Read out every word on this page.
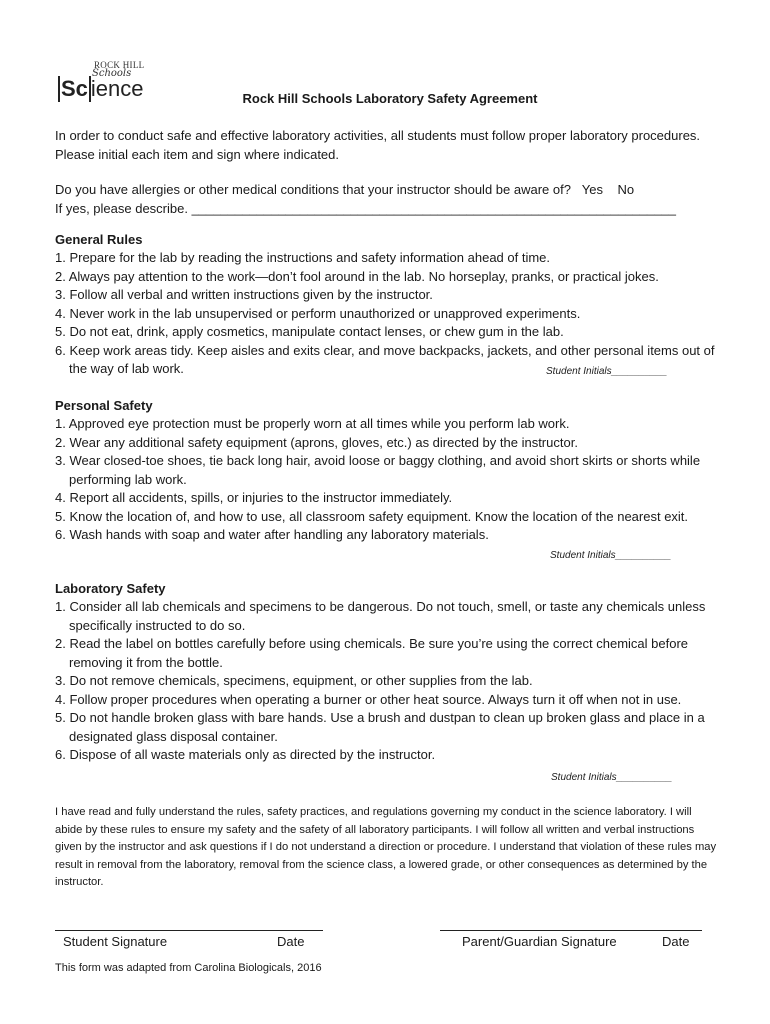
ROCK HILL
Schools
Sc ience	Rock Hill Schools Laboratory Safety Agreement
In order to conduct safe and effective laboratory activities, all students must follow proper laboratory procedures. Please initial each item and sign where indicated.
Do you have allergies or other medical conditions that your instructor should be aware of?   Yes    No
If yes, please describe. ___________________________________________________________________
General Rules
1. Prepare for the lab by reading the instructions and safety information ahead of time.
2. Always pay attention to the work—don’t fool around in the lab. No horseplay, pranks, or practical jokes.
3. Follow all verbal and written instructions given by the instructor.
4. Never work in the lab unsupervised or perform unauthorized or unapproved experiments.
5. Do not eat, drink, apply cosmetics, manipulate contact lenses, or chew gum in the lab.
6. Keep work areas tidy. Keep aisles and exits clear, and move backpacks, jackets, and other personal items out of the way of lab work.	Student Initials__________
Personal Safety
1. Approved eye protection must be properly worn at all times while you perform lab work.
2. Wear any additional safety equipment (aprons, gloves, etc.) as directed by the instructor.
3. Wear closed-toe shoes, tie back long hair, avoid loose or baggy clothing, and avoid short skirts or shorts while performing lab work.
4. Report all accidents, spills, or injuries to the instructor immediately.
5. Know the location of, and how to use, all classroom safety equipment. Know the location of the nearest exit.
6. Wash hands with soap and water after handling any laboratory materials.
Student Initials__________
Laboratory Safety
1. Consider all lab chemicals and specimens to be dangerous. Do not touch, smell, or taste any chemicals unless specifically instructed to do so.
2. Read the label on bottles carefully before using chemicals. Be sure you’re using the correct chemical before removing it from the bottle.
3. Do not remove chemicals, specimens, equipment, or other supplies from the lab.
4. Follow proper procedures when operating a burner or other heat source. Always turn it off when not in use.
5. Do not handle broken glass with bare hands. Use a brush and dustpan to clean up broken glass and place in a designated glass disposal container.
6. Dispose of all waste materials only as directed by the instructor.
Student Initials__________
I have read and fully understand the rules, safety practices, and regulations governing my conduct in the science laboratory. I will abide by these rules to ensure my safety and the safety of all laboratory participants. I will follow all written and verbal instructions given by the instructor and ask questions if I do not understand a direction or procedure. I understand that violation of these rules may result in removal from the laboratory, removal from the science class, a lowered grade, or other consequences as determined by the instructor.
Student Signature	Date	Parent/Guardian Signature	Date
This form was adapted from Carolina Biologicals, 2016
